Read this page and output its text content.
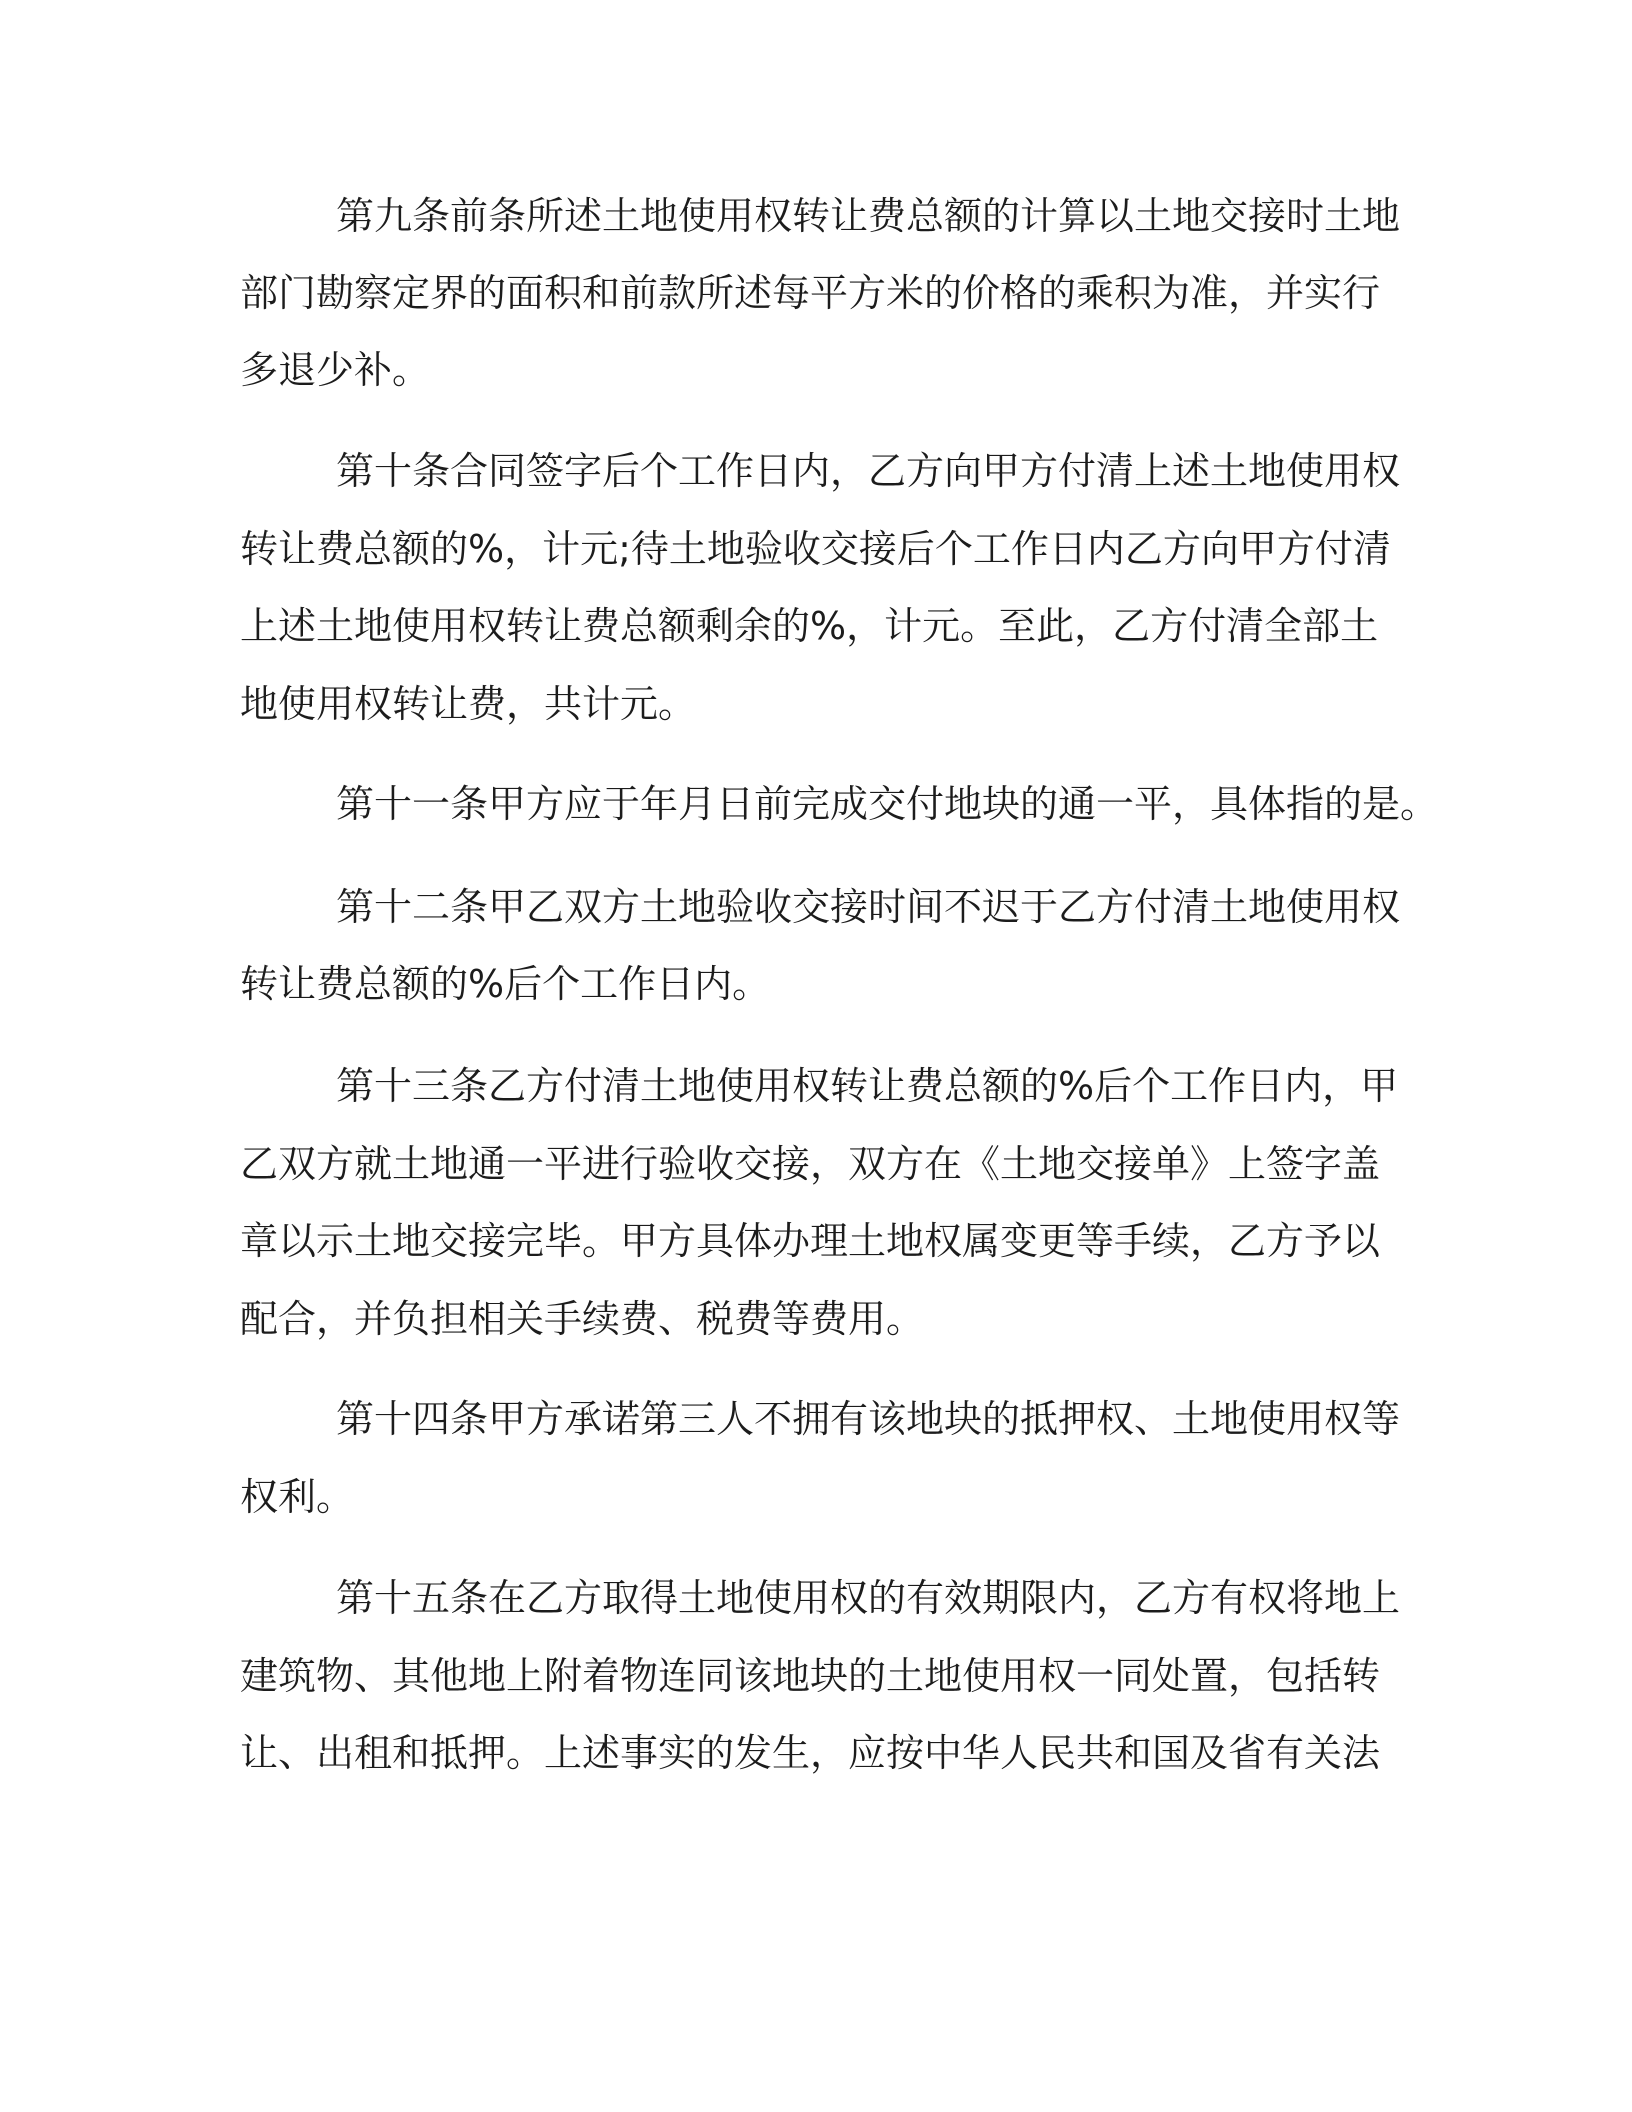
第九条前条所述土地使用权转让费总额的计算以土地交接时土地

部门勘察定界的面积和前款所述每平方米的价格的乘积为准，并实行

多退少补。

第十条合同签字后个工作日内，乙方向甲方付清上述土地使用权

转让费总额的%，计元;待土地验收交接后个工作日内乙方向甲方付清

上述土地使用权转让费总额剩余的%，计元。至此，乙方付清全部土

地使用权转让费，共计元。

第十一条甲方应于年月日前完成交付地块的通一平，具体指的是。

第十二条甲乙双方土地验收交接时间不迟于乙方付清土地使用权

转让费总额的%后个工作日内。

第十三条乙方付清土地使用权转让费总额的%后个工作日内，甲

乙双方就土地通一平进行验收交接，双方在《土地交接单》上签字盖

章以示土地交接完毕。甲方具体办理土地权属变更等手续，乙方予以

配合，并负担相关手续费、税费等费用。

第十四条甲方承诺第三人不拥有该地块的抵押权、土地使用权等

权利。

第十五条在乙方取得土地使用权的有效期限内，乙方有权将地上

建筑物、其他地上附着物连同该地块的土地使用权一同处置，包括转

让、出租和抵押。上述事实的发生，应按中华人民共和国及省有关法
